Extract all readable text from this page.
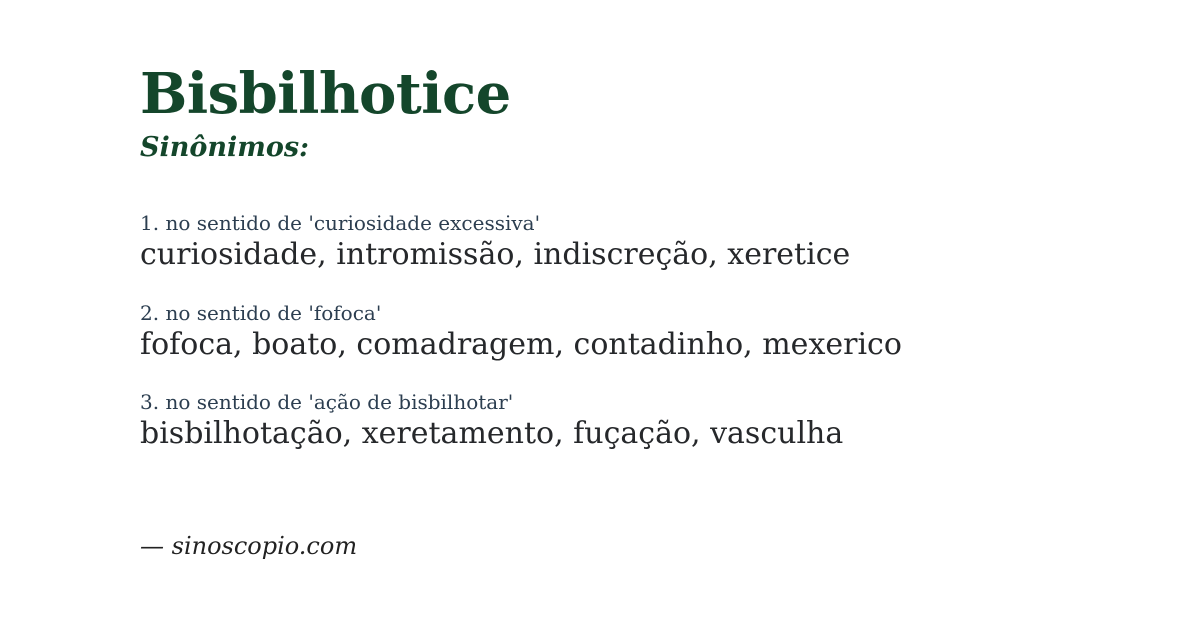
Bisbilhotice
Sinônimos:
1. no sentido de 'curiosidade excessiva'
curiosidade, intromissão, indiscreção, xeretice
2. no sentido de 'fofoca'
fofoca, boato, comadragem, contadinho, mexerico
3. no sentido de 'ação de bisbilhotar'
bisbilhotação, xeretamento, fuçação, vasculha
— sinoscopio.com
